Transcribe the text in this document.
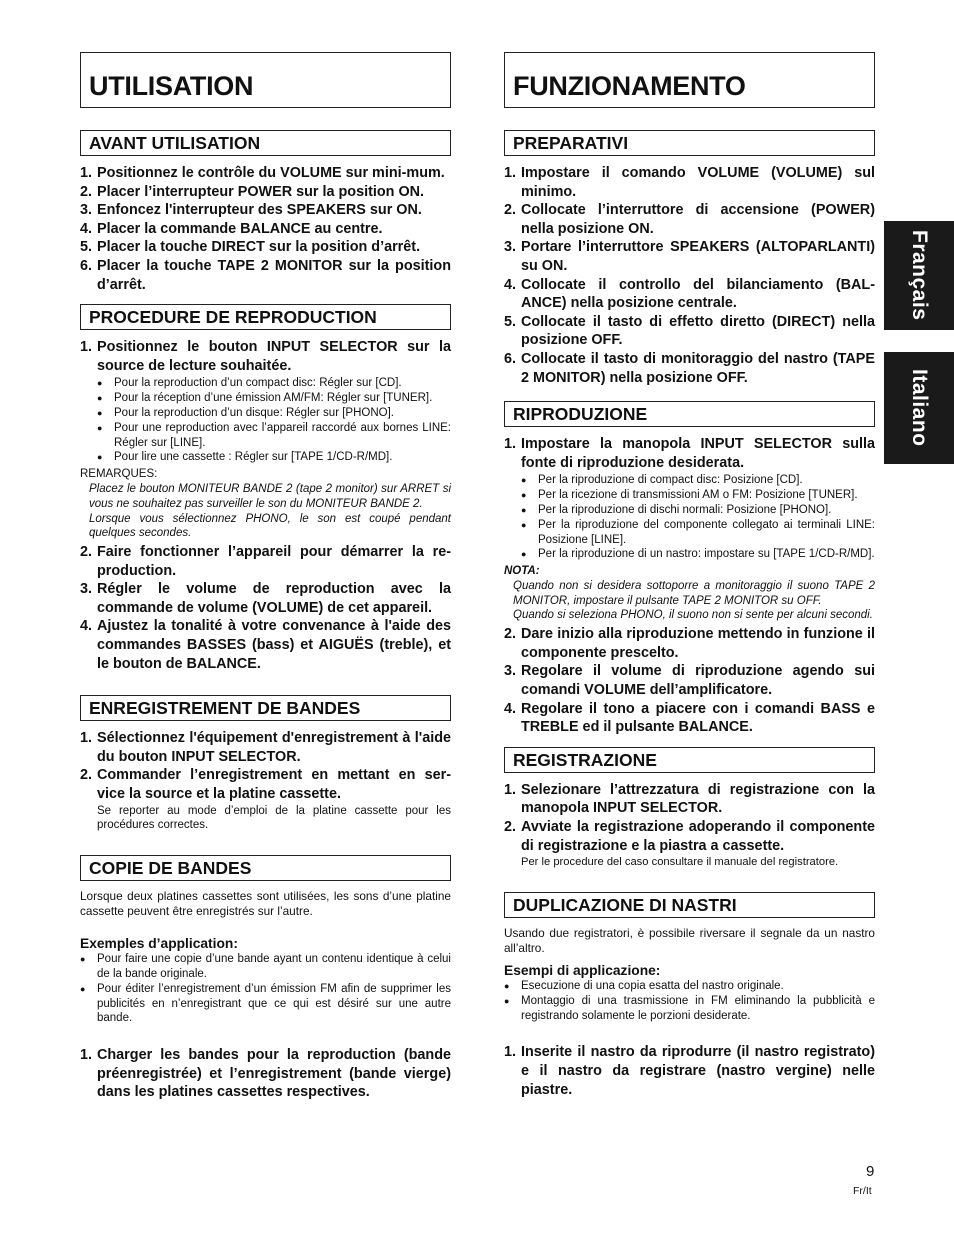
UTILISATION
AVANT UTILISATION
1. Positionnez le contrôle du VOLUME sur mini-mum.
2. Placer l’interrupteur POWER sur la position ON.
3. Enfoncez l'interrupteur des SPEAKERS sur ON.
4. Placer la commande BALANCE au centre.
5. Placer la touche DIRECT sur la position d’arrêt.
6. Placer la touche TAPE 2 MONITOR sur la position d’arrêt.
PROCEDURE DE REPRODUCTION
1. Positionnez le bouton INPUT SELECTOR sur la source de lecture souhaitée.
● Pour la reproduction d’un compact disc: Régler sur [CD].
● Pour la réception d’une émission AM/FM: Régler sur [TUNER].
● Pour la reproduction d’un disque: Régler sur [PHONO].
● Pour une reproduction avec l’appareil raccordé aux bornes LINE: Régler sur [LINE].
● Pour lire une cassette : Régler sur [TAPE 1/CD-R/MD].
REMARQUES:
Placez le bouton MONITEUR BANDE 2 (tape 2 monitor) sur ARRET si vous ne souhaitez pas surveiller le son du MONITEUR BANDE 2.
Lorsque vous sélectionnez PHONO, le son est coupé pendant quelques secondes.
2. Faire fonctionner l’appareil pour démarrer la re-production.
3. Régler le volume de reproduction avec la commande de volume (VOLUME) de cet appareil.
4. Ajustez la tonalité à votre convenance à l'aide des commandes BASSES (bass) et AIGUËS (treble), et le bouton de BALANCE.
ENREGISTREMENT DE BANDES
1. Sélectionnez l'équipement d'enregistrement à l'aide du bouton INPUT SELECTOR.
2. Commander l’enregistrement en mettant en ser-vice la source et la platine cassette.
Se reporter au mode d’emploi de la platine cassette pour les procédures correctes.
COPIE DE BANDES
Lorsque deux platines cassettes sont utilisées, les sons d’une platine cassette peuvent être enregistrés sur l’autre.
Exemples d’application:
● Pour faire une copie d’une bande ayant un contenu identique à celui de la bande originale.
● Pour éditer l’enregistrement d’un émission FM afin de supprimer les publicités en n’enregistrant que ce qui est désiré sur une autre bande.
1. Charger les bandes pour la reproduction (bande préenregistrée) et l’enregistrement (bande vierge) dans les platines cassettes respectives.
FUNZIONAMENTO
PREPARATIVI
1. Impostare il comando VOLUME (VOLUME) sul minimo.
2. Collocate l’interruttore di accensione (POWER) nella posizione ON.
3. Portare l’interruttore SPEAKERS (ALTOPARLANTI) su ON.
4. Collocate il controllo del bilanciamento (BAL-ANCE) nella posizione centrale.
5. Collocate il tasto di effetto diretto (DIRECT) nella posizione OFF.
6. Collocate il tasto di monitoraggio del nastro (TAPE 2 MONITOR) nella posizione OFF.
RIPRODUZIONE
1. Impostare la manopola INPUT SELECTOR sulla fonte di riproduzione desiderata.
● Per la riproduzione di compact disc: Posizione [CD].
● Per la ricezione di transmissioni AM o FM: Posizione [TUNER].
● Per la riproduzione di dischi normali: Posizione [PHONO].
● Per la riproduzione del componente collegato ai terminali LINE: Posizione [LINE].
● Per la riproduzione di un nastro: impostare su [TAPE 1/CD-R/MD].
NOTA:
Quando non si desidera sottoporre a monitoraggio il suono TAPE 2 MONITOR, impostare il pulsante TAPE 2 MONITOR su OFF.
Quando si seleziona PHONO, il suono non si sente per alcuni secondi.
2. Dare inizio alla riproduzione mettendo in funzione il componente prescelto.
3. Regolare il volume di riproduzione agendo sui comandi VOLUME dell’amplificatore.
4. Regolare il tono a piacere con i comandi BASS e TREBLE ed il pulsante BALANCE.
REGISTRAZIONE
1. Selezionare l’attrezzatura di registrazione con la manopola INPUT SELECTOR.
2. Avviate la registrazione adoperando il componente di registrazione e la piastra a cassette.
Per le procedure del caso consultare il manuale del registratore.
DUPLICAZIONE DI NASTRI
Usando due registratori, è possibile riversare il segnale da un nastro all’altro.
Esempi di applicazione:
● Esecuzione di una copia esatta del nastro originale.
● Montaggio di una trasmissione in FM eliminando la pubblicità e registrando solamente le porzioni desiderate.
1. Inserite il nastro da riprodurre (il nastro registrato) e il nastro da registrare (nastro vergine) nelle piastre.
Français
Italiano
9
Fr/It
